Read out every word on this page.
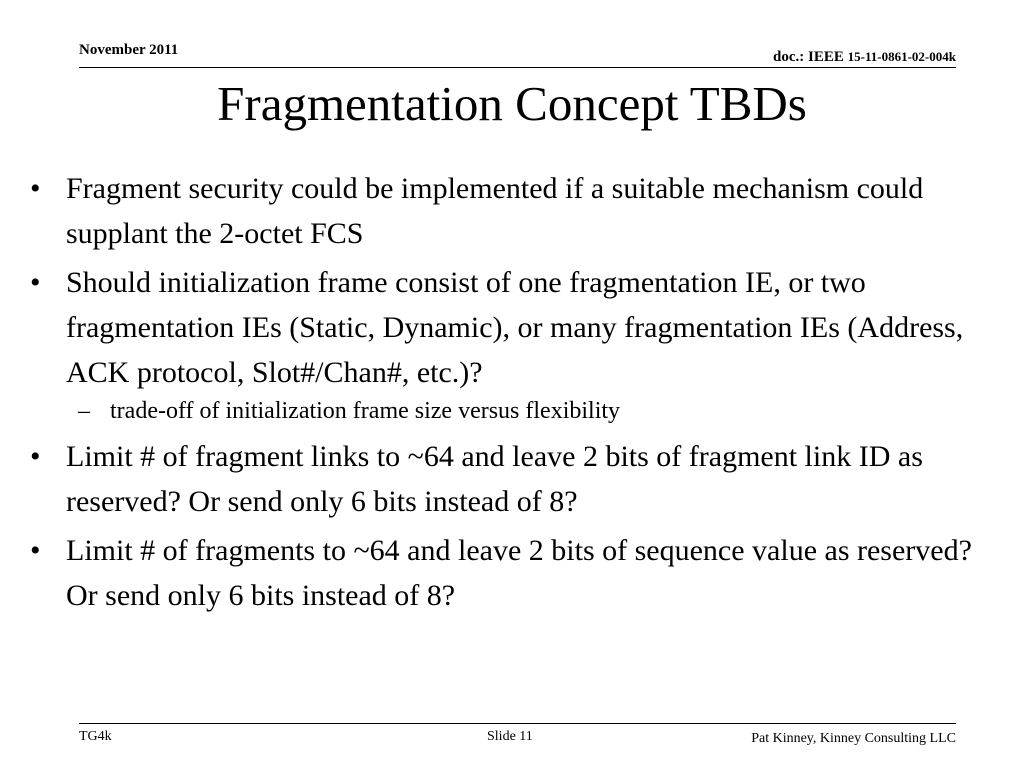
November 2011	doc.: IEEE 15-11-0861-02-004k
Fragmentation Concept TBDs
• Fragment security could be implemented if a suitable mechanism could supplant the 2-octet FCS
• Should initialization frame consist of one fragmentation IE, or two fragmentation IEs (Static, Dynamic), or many fragmentation IEs (Address, ACK protocol, Slot#/Chan#, etc.)?
– trade-off of initialization frame size versus flexibility
• Limit # of fragment links to ~64 and leave 2 bits of fragment link ID as reserved? Or send only 6 bits instead of 8?
• Limit # of fragments to ~64 and leave 2 bits of sequence value as reserved? Or send only 6 bits instead of 8?
TG4k	Slide 11	Pat Kinney, Kinney Consulting LLC
